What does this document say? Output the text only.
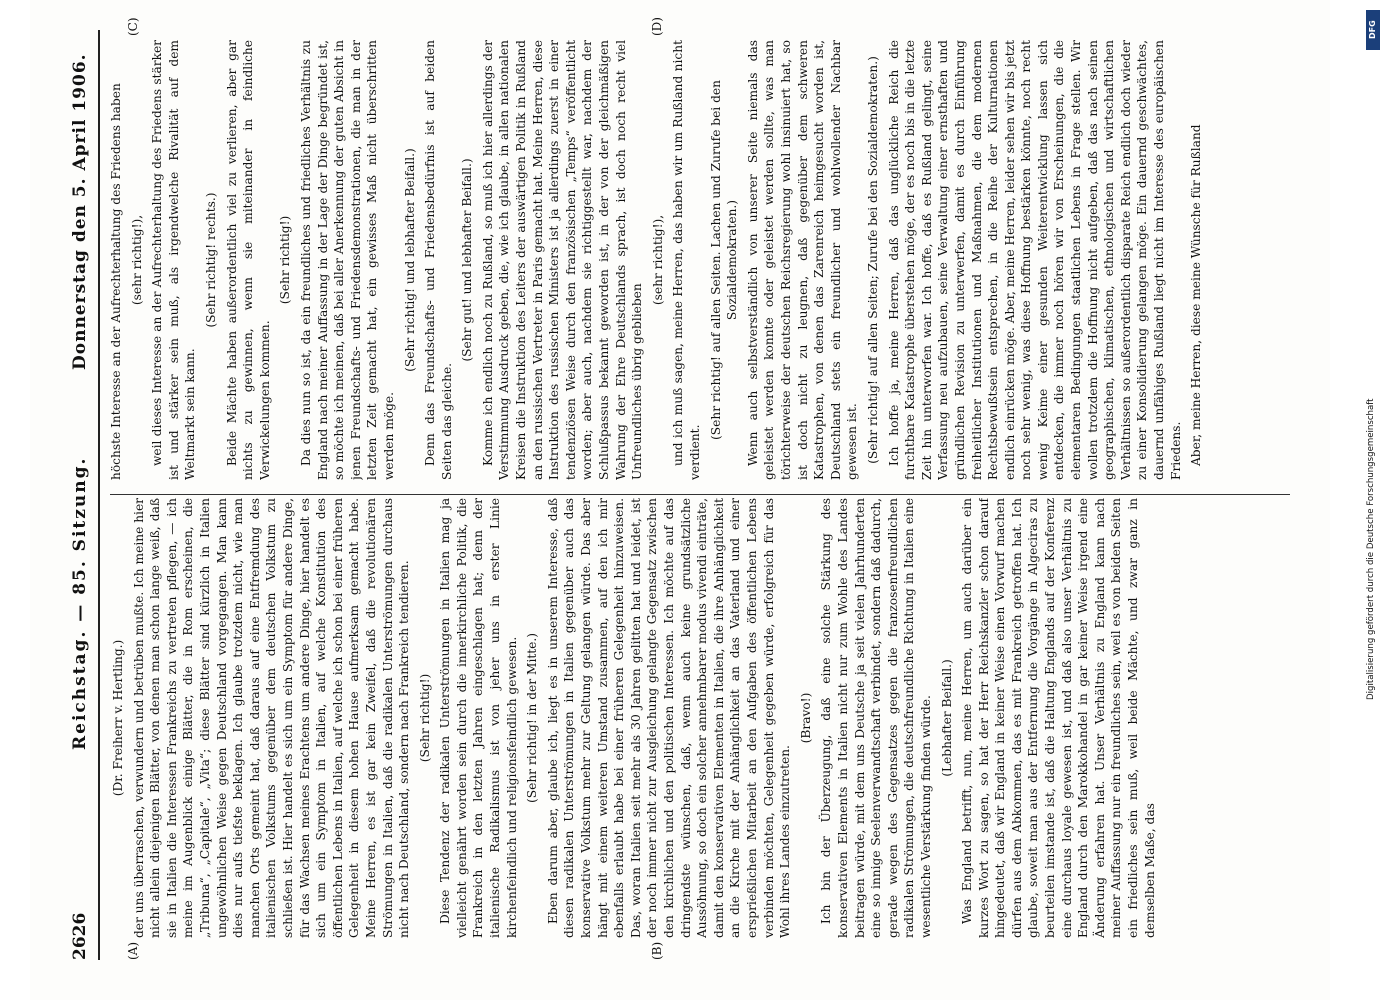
2626
Reichstag. — 85. Sitzung.
Donnerstag den 5. April 1906.
(A)	(B)
(C)	(D)

(Dr. Freiherr v. Hertling.) der uns überraschen, verwundern und betrüben mußte. Ich meine hier nicht allein diejenigen Blätter, von denen man schon lange weiß, daß sie in Italien die Interessen Frankreichs zu vertreten pflegen, — ich meine im Augenblick einige Blätter, die in Rom erscheinen, die „Tribuna“, „Capitale“, „Vita“; diese Blätter sind kürzlich in Italien ungewöhnlichen Weise gegen Deutschland vorgegangen. Man kann dies nur aufs tiefste beklagen. Ich glaube trotzdem nicht, wie man manchen Orts gemeint hat, daß daraus auf eine Entfremdung des italienischen Volkstums gegenüber dem deutschen Volkstum zu schließen ist. Hier handelt es sich um ein Symptom für andere Dinge, für das Wachsen meines Erachtens um andere Dinge, hier handelt es sich um ein Symptom in Italien, auf welche Konstitution des öffentlichen Lebens in Italien, auf welche ich schon bei einer früheren Gelegenheit in diesem hohen Hause aufmerksam gemacht habe. Meine Herren, es ist gar kein Zweifel, daß die revolutionären Strömungen in Italien, daß die radikalen Unterströmungen durchaus nicht nach Deutschland, sondern nach Frankreich tendieren. (Sehr richtig!) Diese Tendenz der radikalen Unterströmungen in Italien mag ja vielleicht genährt worden sein durch die innerkirchliche Politik, die Frankreich in den letzten Jahren eingeschlagen hat; denn der italienische Radikalismus ist von jeher uns in erster Linie kirchenfeindlich und religionsfeindlich gewesen. (Sehr richtig! in der Mitte.) Eben darum aber, glaube ich, liegt es in unserem Interesse, daß diesen radikalen Unterströmungen in Italien gegenüber auch das konservative Volkstum mehr zur Geltung gelangen würde. Das aber hängt mit einem weiteren Umstand zusammen, auf den ich mir ebenfalls erlaubt habe bei einer früheren Gelegenheit hinzuweisen. Das, woran Italien seit mehr als 30 Jahren gelitten hat und leidet, ist der noch immer nicht zur Ausgleichung gelangte Gegensatz zwischen den kirchlichen und den politischen Interessen. Ich möchte auf das dringendste wünschen, daß, wenn auch keine grundsätzliche Aussöhnung, so doch ein solcher annehmbarer modus vivendi einträte, damit den konservativen Elementen in Italien, die ihre Anhänglichkeit an die Kirche mit der Anhänglichkeit an das Vaterland und einer ersprießlichen Mitarbeit an den Aufgaben des öffentlichen Lebens verbinden möchten, Gelegenheit gegeben würde, erfolgreich für das Wohl ihres Landes einzutreten.

(Bravo!) Ich bin der Überzeugung, daß eine solche Stärkung des konservativen Elements in Italien nicht nur zum Wohle des Landes beitragen würde, mit dem uns Deutsche ja seit vielen Jahrhunderten eine so innige Seelenverwandtschaft verbindet, sondern daß dadurch, gerade wegen des Gegensatzes gegen die franzosenfreundlichen radikalen Strömungen, die deutschfreundliche Richtung in Italien eine wesentliche Verstärkung finden würde. (Lebhafter Beifall.) Was England betrifft, nun, meine Herren, um auch darüber ein kurzes Wort zu sagen, so hat der Herr Reichskanzler schon darauf hingedeutet, daß wir England in keiner Weise einen Vorwurf machen dürfen aus dem Abkommen, das es mit Frankreich getroffen hat. Ich glaube, soweit man aus der Entfernung die Vorgänge in Algeciras zu beurteilen imstande ist, daß die Haltung Englands auf der Konferenz eine durchaus loyale gewesen ist, und daß also unser Verhältnis zu England durch den Marokkohandel in gar keiner Weise irgend eine Änderung erfahren hat. Unser Verhältnis zu England kann nach meiner Auffassung nur ein freundliches sein, weil es von beiden Seiten ein friedliches sein muß, weil beide Mächte, und zwar ganz in demselben Maße, das

höchste Interesse an der Aufrechterhaltung des Friedens haben (sehr richtig!), weil dieses Interesse an der Aufrechterhaltung des Friedens stärker ist und stärker sein muß, als irgendwelche Rivalität auf dem Weltmarkt sein kann.

(Sehr richtig! rechts.) Beide Mächte haben außerordentlich viel zu verlieren, aber gar nichts zu gewinnen, wenn sie miteinander in feindliche Verwickelungen kommen.

(Sehr richtig!) Da dies nun so ist, da ein freundliches und friedliches Verhältnis zu England nach meiner Auffassung in der Lage der Dinge begründet ist, so möchte ich meinen, daß bei aller Anerkennung der guten Absicht in jenen Freundschafts- und Friedensdemonstrationen, die man in der letzten Zeit gemacht hat, ein gewisses Maß nicht überschritten werden möge.

(Sehr richtig! und lebhafter Beifall.) Denn das Freundschafts- und Friedensbedürfnis ist auf beiden Seiten das gleiche.

(Sehr gut! und lebhafter Beifall.) Komme ich endlich noch zu Rußland, so muß ich hier allerdings der Verstimmung Ausdruck geben, die, wie ich glaube, in allen nationalen Kreisen die Instruktion des Leiters der auswärtigen Politik in Rußland an den russischen Vertreter in Paris gemacht hat. Meine Herren, diese Instruktion des russischen Ministers ist ja allerdings zuerst in einer tendenziösen Weise durch den französischen „Temps“ veröffentlicht worden; aber auch, nachdem sie richtiggestellt war, nachdem der Schlußpassus bekannt geworden ist, in der von der gleichmäßigen Wahrung der Ehre Deutschlands sprach, ist doch noch recht viel Unfreundliches übrig geblieben

(sehr richtig!), und ich muß sagen, meine Herren, das haben wir um Rußland nicht verdient.

(Sehr richtig! auf allen Seiten. Lachen und Zurufe bei den Sozialdemokraten.) Wenn auch selbstverständlich von unserer Seite niemals das geleistet werden konnte oder geleistet werden sollte, was man törichterweise der deutschen Reichsregierung wohl insinuiert hat, so ist doch nicht zu leugnen, daß gegenüber dem schweren Katastrophen, von denen das Zarenreich heimgesucht worden ist, Deutschland stets ein freundlicher und wohlwollender Nachbar gewesen ist. (Sehr richtig! auf allen Seiten; Zurufe bei den Sozialdemokraten.) Ich hoffe ja, meine Herren, daß das unglückliche Reich die furchtbare Katastrophe überstehen möge, der es noch bis in die letzte Zeit hin unterworfen war. Ich hoffe, daß es Rußland gelingt, seine Verfassung neu aufzubauen, seine Verwaltung einer ernsthaften und gründlichen Revision zu unterwerfen, damit es durch Einführung freiheitlicher Institutionen und Maßnahmen, die dem modernen Rechtsbewußtsein entsprechen, in die Reihe der Kulturnationen endlich einrücken möge. Aber, meine Herren, leider sehen wir bis jetzt noch sehr wenig, was diese Hoffnung bestärken könnte, noch recht wenig Keime einer gesunden Weiterentwicklung lassen sich entdecken, die immer noch hören wir von Erscheinungen, die die elementaren Bedingungen staatlichen Lebens in Frage stellen. Wir wollen trotzdem die Hoffnung nicht aufgeben, daß das nach seinen geographischen, klimatischen, ethnologischen und wirtschaftlichen Verhältnissen so außerordentlich disparate Reich endlich doch wieder zu einer Konsolidierung gelangen möge. Ein dauernd geschwächtes, dauernd unfähiges Rußland liegt nicht im Interesse des europäischen Friedens. Aber, meine Herren, diese meine Wünsche für Rußland

DFG
Digitalisierung gefördert durch die Deutsche Forschungsgemeinschaft
